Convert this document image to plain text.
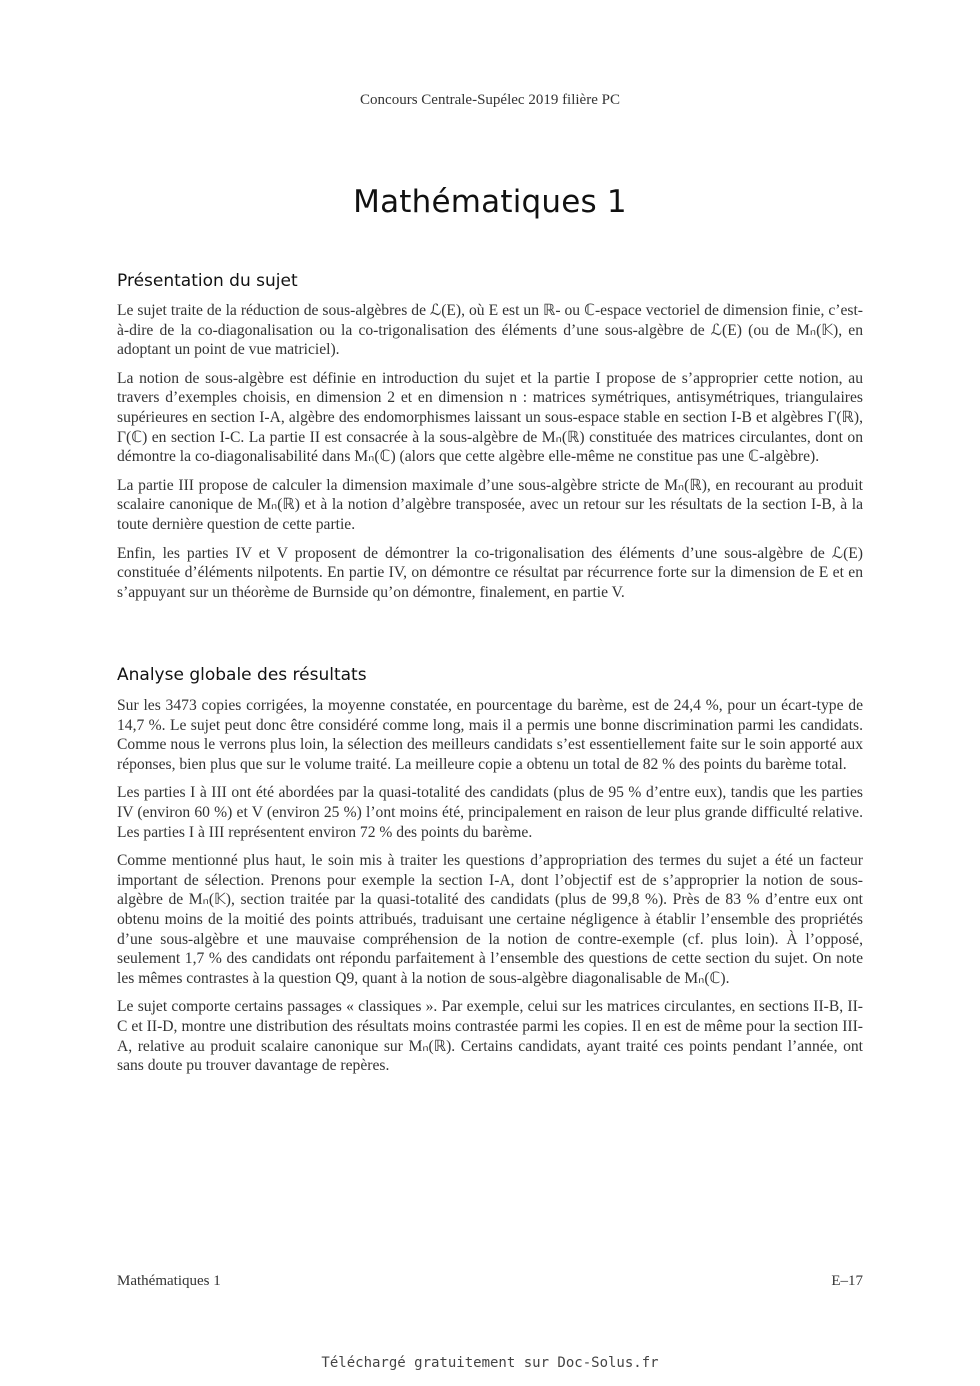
Concours Centrale-Supélec 2019 filière PC
Mathématiques 1
Présentation du sujet

Le sujet traite de la réduction de sous-algèbres de ℒ(E), où E est un ℝ- ou ℂ-espace vectoriel de dimension finie, c’est-à-dire de la co-diagonalisation ou la co-trigonalisation des éléments d’une sous-algèbre de ℒ(E) (ou de Mₙ(𝕂), en adoptant un point de vue matriciel).

La notion de sous-algèbre est définie en introduction du sujet et la partie I propose de s’approprier cette notion, au travers d’exemples choisis, en dimension 2 et en dimension n : matrices symétriques, antisymétriques, triangulaires supérieures en section I-A, algèbre des endomorphismes laissant un sous-espace stable en section I-B et algèbres Γ(ℝ), Γ(ℂ) en section I-C. La partie II est consacrée à la sous-algèbre de Mₙ(ℝ) constituée des matrices circulantes, dont on démontre la co-diagonalisabilité dans Mₙ(ℂ) (alors que cette algèbre elle-même ne constitue pas une ℂ-algèbre).

La partie III propose de calculer la dimension maximale d’une sous-algèbre stricte de Mₙ(ℝ), en recourant au produit scalaire canonique de Mₙ(ℝ) et à la notion d’algèbre transposée, avec un retour sur les résultats de la section I-B, à la toute dernière question de cette partie.

Enfin, les parties IV et V proposent de démontrer la co-trigonalisation des éléments d’une sous-algèbre de ℒ(E) constituée d’éléments nilpotents. En partie IV, on démontre ce résultat par récurrence forte sur la dimension de E et en s’appuyant sur un théorème de Burnside qu’on démontre, finalement, en partie V.

Analyse globale des résultats

Sur les 3473 copies corrigées, la moyenne constatée, en pourcentage du barème, est de 24,4 %, pour un écart-type de 14,7 %. Le sujet peut donc être considéré comme long, mais il a permis une bonne discrimination parmi les candidats. Comme nous le verrons plus loin, la sélection des meilleurs candidats s’est essentiellement faite sur le soin apporté aux réponses, bien plus que sur le volume traité. La meilleure copie a obtenu un total de 82 % des points du barème total.

Les parties I à III ont été abordées par la quasi-totalité des candidats (plus de 95 % d’entre eux), tandis que les parties IV (environ 60 %) et V (environ 25 %) l’ont moins été, principalement en raison de leur plus grande difficulté relative. Les parties I à III représentent environ 72 % des points du barème.

Comme mentionné plus haut, le soin mis à traiter les questions d’appropriation des termes du sujet a été un facteur important de sélection. Prenons pour exemple la section I-A, dont l’objectif est de s’approprier la notion de sous-algèbre de Mₙ(𝕂), section traitée par la quasi-totalité des candidats (plus de 99,8 %). Près de 83 % d’entre eux ont obtenu moins de la moitié des points attribués, traduisant une certaine négligence à établir l’ensemble des propriétés d’une sous-algèbre et une mauvaise compréhension de la notion de contre-exemple (cf. plus loin). À l’opposé, seulement 1,7 % des candidats ont répondu parfaitement à l’ensemble des questions de cette section du sujet. On note les mêmes contrastes à la question Q9, quant à la notion de sous-algèbre diagonalisable de Mₙ(ℂ).

Le sujet comporte certains passages « classiques ». Par exemple, celui sur les matrices circulantes, en sections II-B, II-C et II-D, montre une distribution des résultats moins contrastée parmi les copies. Il en est de même pour la section III-A, relative au produit scalaire canonique sur Mₙ(ℝ). Certains candidats, ayant traité ces points pendant l’année, ont sans doute pu trouver davantage de repères.

Mathématiques 1	E–17
Téléchargé gratuitement sur Doc-Solus.fr
